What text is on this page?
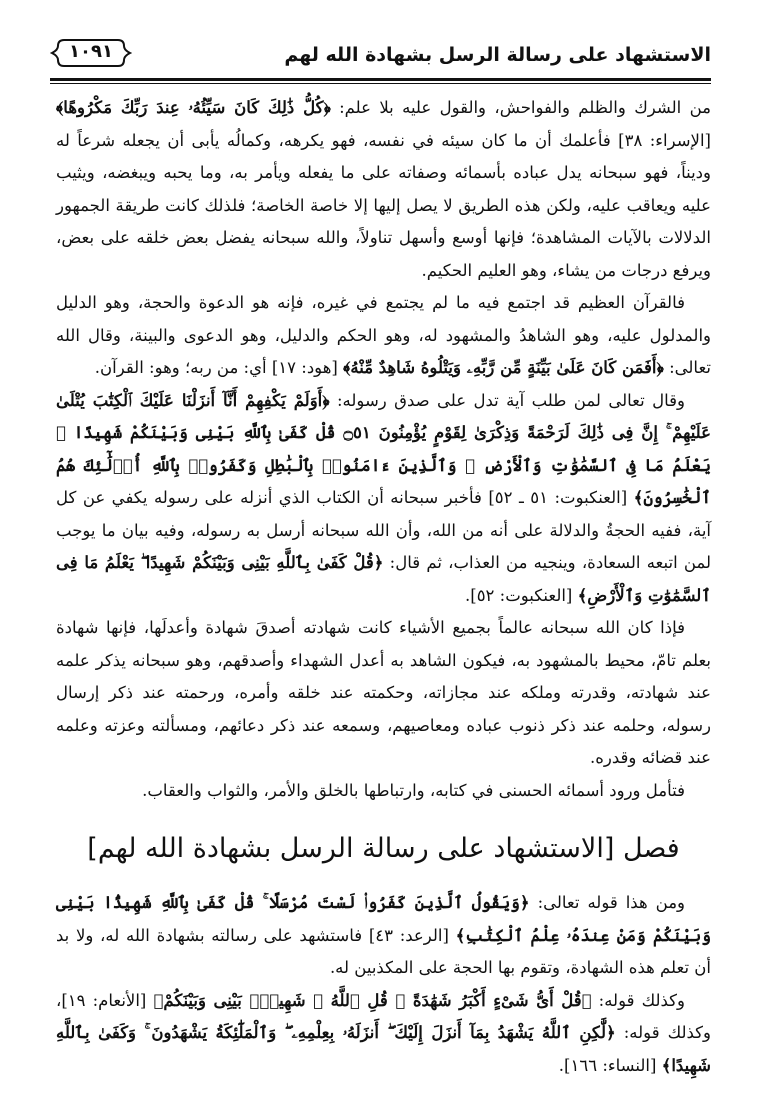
الاستشهاد على رسالة الرسل بشهادة الله لهم
١٠٩١

من الشرك والظلم والفواحش، والقول عليه بلا علم: ﴿كُلُّ ذَٰلِكَ كَانَ سَيِّئُهُۥ عِندَ رَبِّكَ مَكْرُوهًا﴾ [الإسراء: ٣٨] فأعلمك أن ما كان سيئه في نفسه، فهو يكرهه، وكمالُه يأبى أن يجعله شرعاً له وديناً، فهو سبحانه يدل عباده بأسمائه وصفاته على ما يفعله ويأمر به، وما يحبه ويبغضه، ويثيب عليه ويعاقب عليه، ولكن هذه الطريق لا يصل إليها إلا خاصة الخاصة؛ فلذلك كانت طريقة الجمهور الدلالات بالآيات المشاهدة؛ فإنها أوسع وأسهل تناولاً، والله سبحانه يفضل بعض خلقه على بعض، ويرفع درجات من يشاء، وهو العليم الحكيم.

فالقرآن العظيم قد اجتمع فيه ما لم يجتمع في غيره، فإنه هو الدعوة والحجة، وهو الدليل والمدلول عليه، وهو الشاهدُ والمشهود له، وهو الحكم والدليل، وهو الدعوى والبينة، وقال الله تعالى: ﴿أَفَمَن كَانَ عَلَىٰ بَيِّنَةٍ مِّن رَّبِّهِۦ وَيَتْلُوهُ شَاهِدٌ مِّنْهُ﴾ [هود: ١٧] أي: من ربه؛ وهو: القرآن.

وقال تعالى لمن طلب آية تدل على صدق رسوله: ﴿أَوَلَمْ يَكْفِهِمْ أَنَّآ أَنزَلْنَا عَلَيْكَ ٱلْكِتَٰبَ يُتْلَىٰ عَلَيْهِمْ ۚ إِنَّ فِى ذَٰلِكَ لَرَحْمَةً وَذِكْرَىٰ لِقَوْمٍ يُؤْمِنُونَ ۝٥١ قُلْ كَفَىٰ بِٱللَّهِ بَيْنِى وَبَيْنَكُمْ شَهِيدًا ۖ يَعْلَمُ مَا فِى ٱلسَّمَٰوَٰتِ وَٱلْأَرْضِ ۗ وَٱلَّذِينَ ءَامَنُوا۟ بِٱلْبَٰطِلِ وَكَفَرُوا۟ بِٱللَّهِ أُو۟لَٰٓئِكَ هُمُ ٱلْخَٰسِرُونَ﴾ [العنكبوت: ٥١ ـ ٥٢] فأخبر سبحانه أن الكتاب الذي أنزله على رسوله يكفي عن كل آية، ففيه الحجةُ والدلالة على أنه من الله، وأن الله سبحانه أرسل به رسوله، وفيه بيان ما يوجب لمن اتبعه السعادة، وينجيه من العذاب، ثم قال: ﴿قُلْ كَفَىٰ بِٱللَّهِ بَيْنِى وَبَيْنَكُمْ شَهِيدًا ۖ يَعْلَمُ مَا فِى ٱلسَّمَٰوَٰتِ وَٱلْأَرْضِ﴾ [العنكبوت: ٥٢].

فإذا كان الله سبحانه عالماً بجميع الأشياء كانت شهادته أصدقَ شهادة وأعدلَها، فإنها شهادة بعلم تامّ، محيط بالمشهود به، فيكون الشاهد به أعدل الشهداء وأصدقهم، وهو سبحانه يذكر علمه عند شهادته، وقدرته وملكه عند مجازاته، وحكمته عند خلقه وأمره، ورحمته عند ذكر إرسال رسوله، وحلمه عند ذكر ذنوب عباده ومعاصيهم، وسمعه عند ذكر دعائهم، ومسألته وعزته وعلمه عند قضائه وقدره.

فتأمل ورود أسمائه الحسنى في كتابه، وارتباطها بالخلق والأمر، والثواب والعقاب.

فصل [الاستشهاد على رسالة الرسل بشهادة الله لهم]

ومن هذا قوله تعالى: ﴿وَيَقُولُ ٱلَّذِينَ كَفَرُوا۟ لَسْتَ مُرْسَلًا ۚ قُلْ كَفَىٰ بِٱللَّهِ شَهِيدًۢا بَيْنِى وَبَيْنَكُمْ وَمَنْ عِندَهُۥ عِلْمُ ٱلْكِتَٰبِ﴾ [الرعد: ٤٣] فاستشهد على رسالته بشهادة الله له، ولا بد أن تعلم هذه الشهادة، وتقوم بها الحجة على المكذبين له.

وكذلك قوله: ﴿قُلْ أَىُّ شَىْءٍ أَكْبَرُ شَهَٰدَةً ۖ قُلِ ٱللَّهُ ۖ شَهِيدٌۢ بَيْنِى وَبَيْنَكُمْ﴾ [الأنعام: ١٩]، وكذلك قوله: ﴿لَّٰكِنِ ٱللَّهُ يَشْهَدُ بِمَآ أَنزَلَ إِلَيْكَ ۖ أَنزَلَهُۥ بِعِلْمِهِۦ ۖ وَٱلْمَلَٰٓئِكَةُ يَشْهَدُونَ ۚ وَكَفَىٰ بِٱللَّهِ شَهِيدًا﴾ [النساء: ١٦٦].
